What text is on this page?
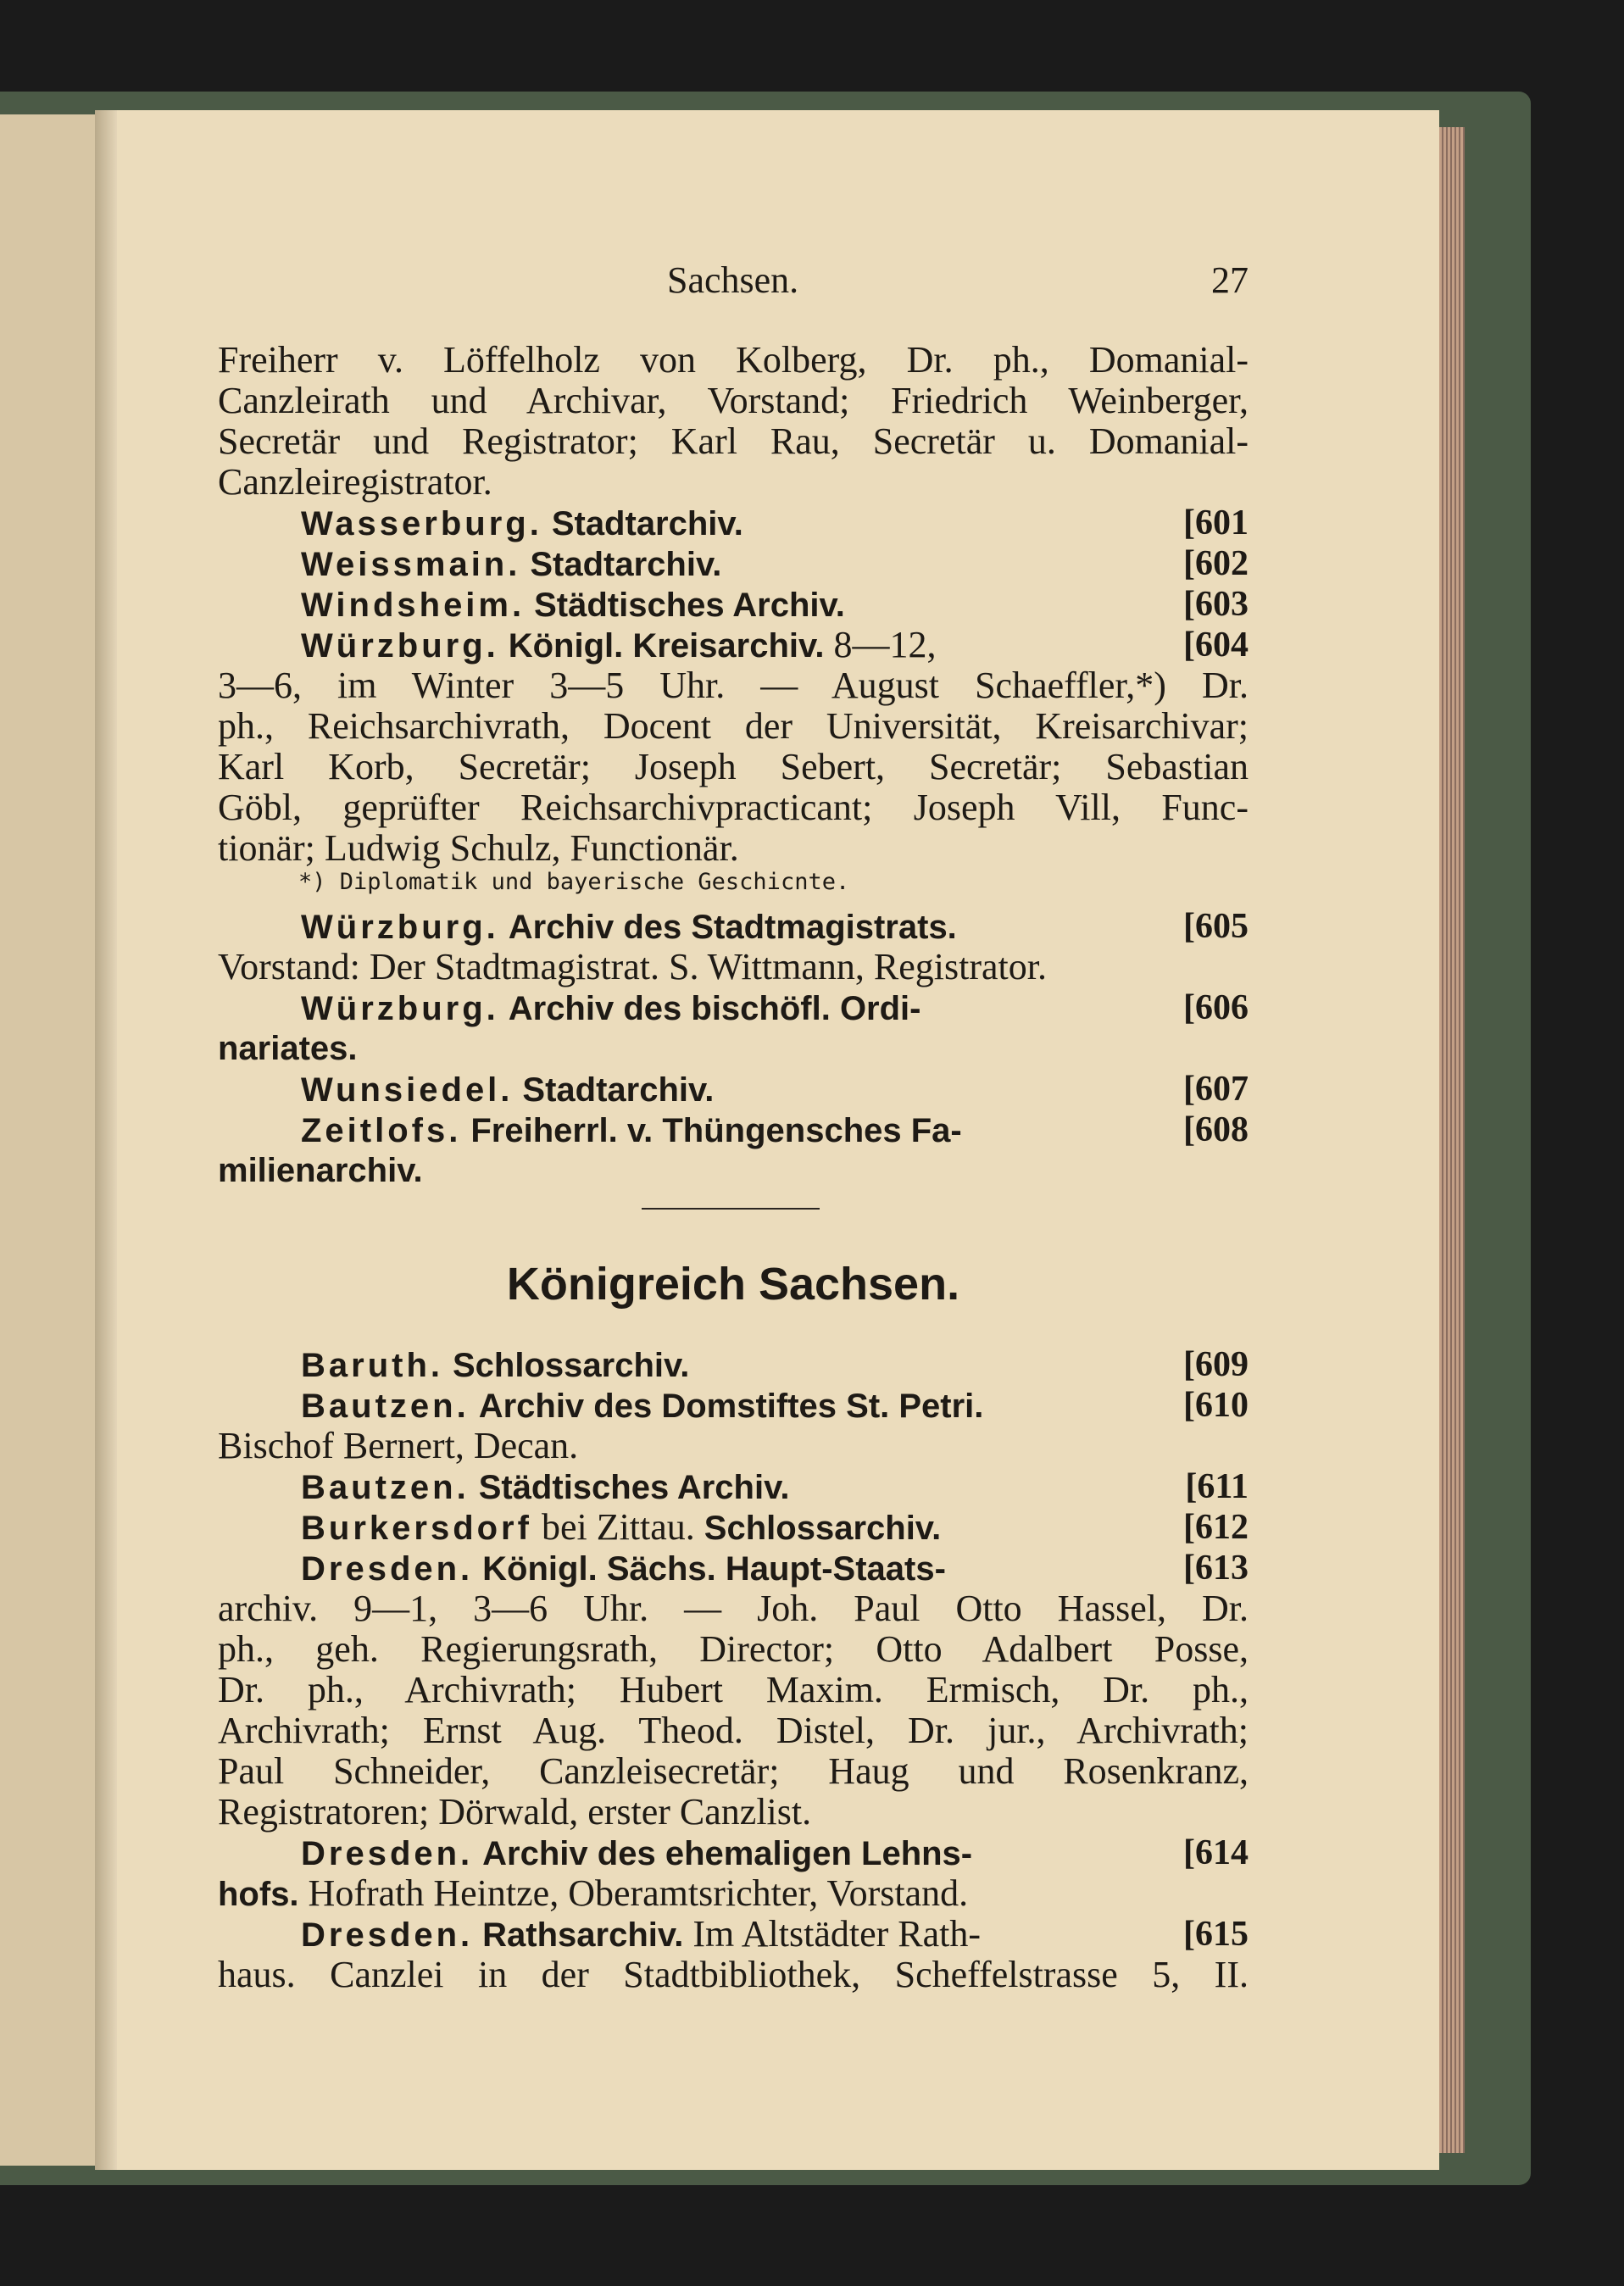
Sachsen.	27
Freiherr v. Löffelholz von Kolberg, Dr. ph., Domanial-
Canzleirath und Archivar, Vorstand; Friedrich Weinberger,
Secretär und Registrator; Karl Rau, Secretär u. Domanial-
Canzleiregistrator.
Wasserburg. Stadtarchiv.	[601
Weissmain. Stadtarchiv.	[602
Windsheim. Städtisches Archiv.	[603
Würzburg. Königl. Kreisarchiv. 8—12,	[604
3—6, im Winter 3—5 Uhr. — August Schaeffler,*) Dr.
ph., Reichsarchivrath, Docent der Universität, Kreisarchivar;
Karl Korb, Secretär; Joseph Sebert, Secretär; Sebastian
Göbl, geprüfter Reichsarchivpracticant; Joseph Vill, Func-
tionär; Ludwig Schulz, Functionär.
*) Diplomatik und bayerische Geschicnte.
Würzburg. Archiv des Stadtmagistrats.	[605
Vorstand: Der Stadtmagistrat. S. Wittmann, Registrator.
Würzburg. Archiv des bischöfl. Ordi-	[606
nariates.
Wunsiedel. Stadtarchiv.	[607
Zeitlofs. Freiherrl. v. Thüngensches Fa-	[608
milienarchiv.
Königreich Sachsen.
Baruth. Schlossarchiv.	[609
Bautzen. Archiv des Domstiftes St. Petri.	[610
Bischof Bernert, Decan.
Bautzen. Städtisches Archiv.	[611
Burkersdorf bei Zittau. Schlossarchiv.	[612
Dresden. Königl. Sächs. Haupt-Staats-	[613
archiv. 9—1, 3—6 Uhr. — Joh. Paul Otto Hassel, Dr.
ph., geh. Regierungsrath, Director; Otto Adalbert Posse,
Dr. ph., Archivrath; Hubert Maxim. Ermisch, Dr. ph.,
Archivrath; Ernst Aug. Theod. Distel, Dr. jur., Archivrath;
Paul Schneider, Canzleisecretär; Haug und Rosenkranz,
Registratoren; Dörwald, erster Canzlist.
Dresden. Archiv des ehemaligen Lehns-	[614
hofs. Hofrath Heintze, Oberamtsrichter, Vorstand.
Dresden. Rathsarchiv. Im Altstädter Rath-	[615
haus. Canzlei in der Stadtbibliothek, Scheffelstrasse 5, II.
